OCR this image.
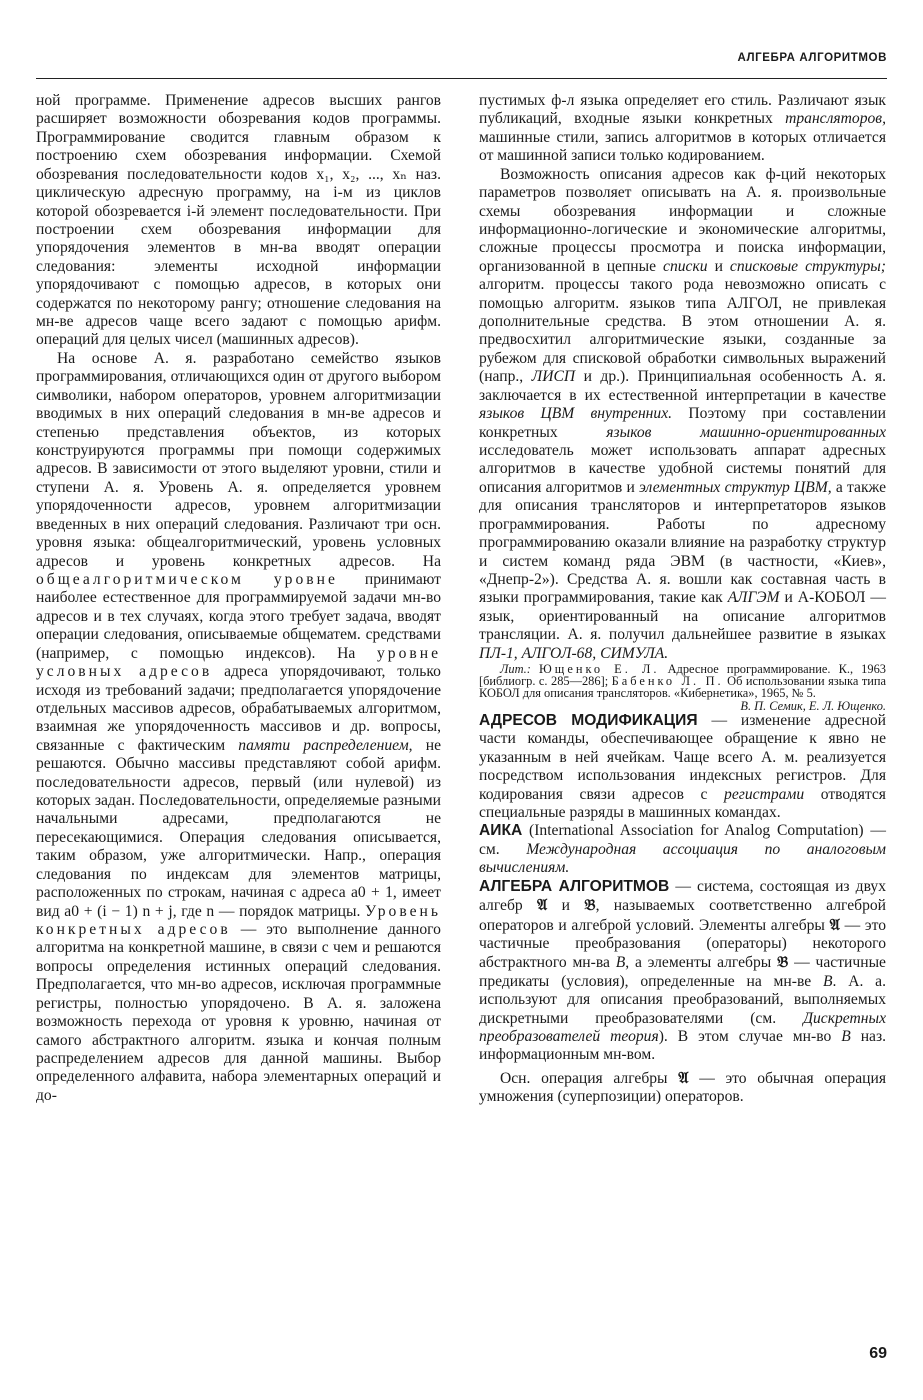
АЛГЕБРА АЛГОРИТМОВ

ной программе. Применение адресов высших рангов расширяет возможности обозревания кодов программы. Программирование сводится главным образом к построению схем обозревания информации. Схемой обозревания последовательности кодов x₁, x₂, ..., xₙ наз. циклическую адресную программу, на i-м из циклов которой обозревается i-й элемент последовательности. При построении схем обозревания информации для упорядочения элементов в мн-ва вводят операции следования: элементы исходной информации упорядочивают с помощью адресов, в которых они содержатся по некоторому рангу; отношение следования на мн-ве адресов чаще всего задают с помощью арифм. операций для целых чисел (машинных адресов).

На основе А. я. разработано семейство языков программирования, отличающихся один от другого выбором символики, набором операторов, уровнем алгоритмизации вводимых в них операций следования в мн-ве адресов и степенью представления объектов, из которых конструируются программы при помощи содержимых адресов. В зависимости от этого выделяют уровни, стили и ступени А. я. Уровень А. я. определяется уровнем упорядоченности адресов, уровнем алгоритмизации введенных в них операций следования. Различают три осн. уровня языка: общеалгоритмический, уровень условных адресов и уровень конкретных адресов. На общеалгоритмическом уровне принимают наиболее естественное для программируемой задачи мн-во адресов и в тех случаях, когда этого требует задача, вводят операции следования, описываемые общематем. средствами (например, с помощью индексов). На уровне условных адресов адреса упорядочивают, только исходя из требований задачи; предполагается упорядочение отдельных массивов адресов, обрабатываемых алгоритмом, взаимная же упорядоченность массивов и др. вопросы, связанные с фактическим памяти распределением, не решаются. Обычно массивы представляют собой арифм. последовательности адресов, первый (или нулевой) из которых задан. Последовательности, определяемые разными начальными адресами, предполагаются не пересекающимися. Операция следования описывается, таким образом, уже алгоритмически. Напр., операция следования по индексам для элементов матрицы, расположенных по строкам, начиная с адреса a0 + 1, имеет вид a0 + (i − 1) n + j, где n — порядок матрицы. Уровень конкретных адресов — это выполнение данного алгоритма на конкретной машине, в связи с чем и решаются вопросы определения истинных операций следования. Предполагается, что мн-во адресов, исключая программные регистры, полностью упорядочено. В А. я. заложена возможность перехода от уровня к уровню, начиная от самого абстрактного алгоритм. языка и кончая полным распределением адресов для данной машины. Выбор определенного алфавита, набора элементарных операций и до-

пустимых ф-л языка определяет его стиль. Различают язык публикаций, входные языки конкретных трансляторов, машинные стили, запись алгоритмов в которых отличается от машинной записи только кодированием.

Возможность описания адресов как ф-ций некоторых параметров позволяет описывать на А. я. произвольные схемы обозревания информации и сложные информационно-логические и экономические алгоритмы, сложные процессы просмотра и поиска информации, организованной в цепные списки и списковые структуры; алгоритм. процессы такого рода невозможно описать с помощью алгоритм. языков типа АЛГОЛ, не привлекая дополнительные средства. В этом отношении А. я. предвосхитил алгоритмические языки, созданные за рубежом для списковой обработки символьных выражений (напр., ЛИСП и др.). Принципиальная особенность А. я. заключается в их естественной интерпретации в качестве языков ЦВМ внутренних. Поэтому при составлении конкретных	языков машинно-ориентированных исследователь может использовать аппарат адресных алгоритмов в качестве удобной системы понятий для описания алгоритмов и элементных структур ЦВМ, а также для описания трансляторов и интерпретаторов языков программирования. Работы по адресному программированию оказали влияние на разработку структур и систем команд ряда ЭВМ (в частности, «Киев», «Днепр-2»). Средства А. я. вошли как составная часть в языки программирования, такие как АЛГЭМ и А-КОБОЛ — язык, ориентированный на описание алгоритмов трансляции. А. я. получил дальнейшее развитие в языках ПЛ-1, АЛГОЛ-68, СИМУЛА.

Лит.: Ющенко Е. Л. Адресное программирование. К., 1963 [библиогр. с. 285—286]; Бабенко Л. П. Об использовании языка типа КОБОЛ для описания трансляторов. «Кибернетика», 1965, № 5.
В. П. Семик, Е. Л. Ющенко.

АДРЕСОВ МОДИФИКАЦИЯ — изменение адресной части команды, обеспечивающее обращение к явно не указанным в ней ячейкам. Чаще всего А. м. реализуется посредством использования индексных регистров. Для кодирования связи адресов с регистрами отводятся специальные разряды в машинных командах.

АИКА (International Association for Analog Computation) — см. Международная ассоциация по аналоговым вычислениям.

АЛГЕБРА АЛГОРИТМОВ — система, состоящая из двух алгебр 𝔄 и 𝔅, называемых соответственно алгеброй операторов и алгеброй условий. Элементы алгебры 𝔄 — это частичные преобразования (операторы) некоторого абстрактного мн-ва B, а элементы алгебры 𝔅 — частичные предикаты (условия), определенные на мн-ве B. А. а. используют для описания преобразований, выполняемых дискретными преобразователями (см. Дискретных преобразователей теория). В этом случае мн-во B наз. информационным мн-вом.

Осн. операция алгебры 𝔄 — это обычная операция умножения (суперпозиции) операторов.

69
